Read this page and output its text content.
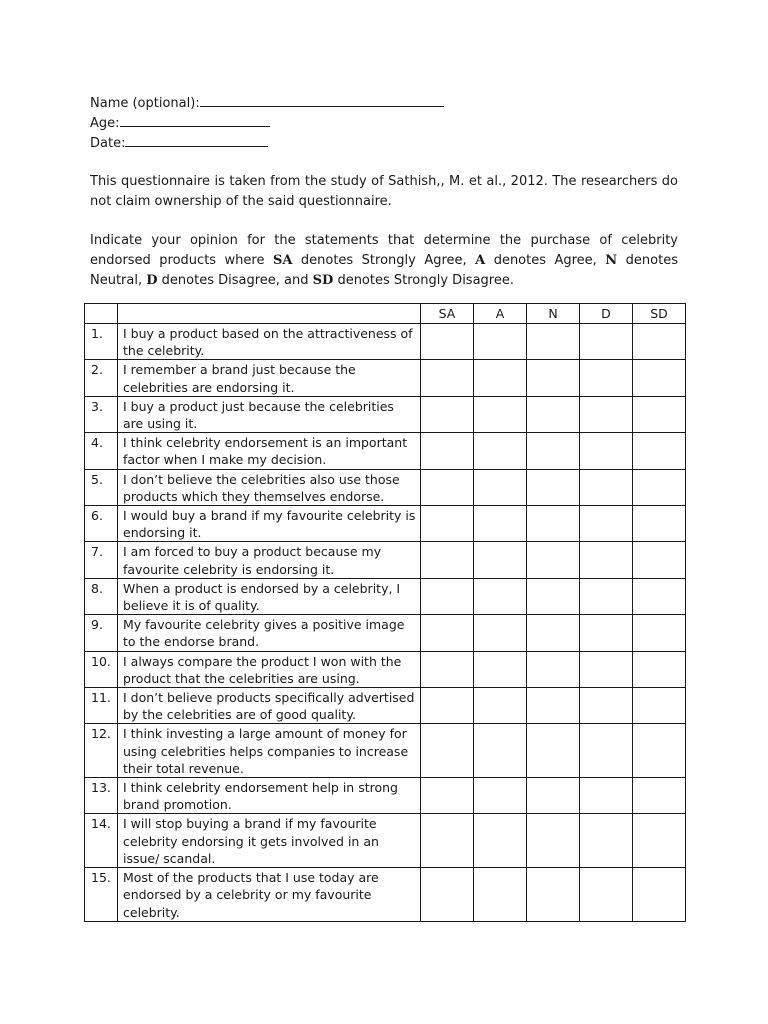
Name (optional):
Age:
Date:
This questionnaire is taken from the study of Sathish,, M. et al., 2012. The researchers do not claim ownership of the said questionnaire.
Indicate your opinion for the statements that determine the purchase of celebrity endorsed products where SA denotes Strongly Agree, A denotes Agree, N denotes Neutral, D denotes Disagree, and SD denotes Strongly Disagree.
		SA	A	N	D	SD
1.	I buy a product based on the attractiveness of the celebrity.					
2.	I remember a brand just because the celebrities are endorsing it.					
3.	I buy a product just because the celebrities are using it.					
4.	I think celebrity endorsement is an important factor when I make my decision.					
5.	I don’t believe the celebrities also use those products which they themselves endorse.					
6.	I would buy a brand if my favourite celebrity is endorsing it.					
7.	I am forced to buy a product because my favourite celebrity is endorsing it.					
8.	When a product is endorsed by a celebrity, I believe it is of quality.					
9.	My favourite celebrity gives a positive image to the endorse brand.					
10.	I always compare the product I won with the product that the celebrities are using.					
11.	I don’t believe products specifically advertised by the celebrities are of good quality.					
12.	I think investing a large amount of money for using celebrities helps companies to increase their total revenue.					
13.	I think celebrity endorsement help in strong brand promotion.					
14.	I will stop buying a brand if my favourite celebrity endorsing it gets involved in an issue/ scandal.					
15.	Most of the products that I use today are endorsed by a celebrity or my favourite celebrity.					
